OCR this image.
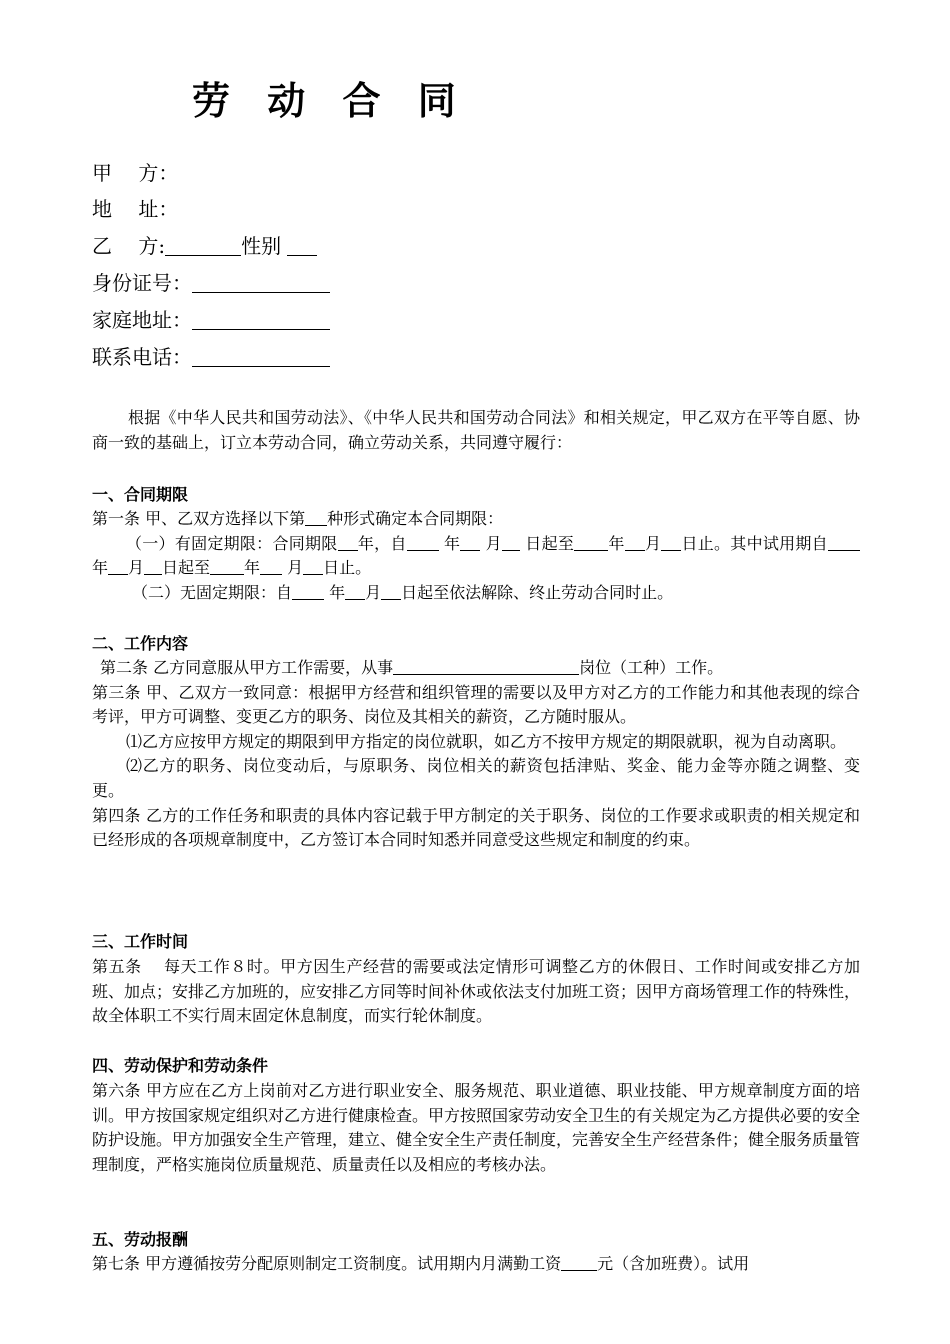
劳 动 合 同
甲　 方：
地　 址：
乙　 方:	性别
身份证号：
家庭地址：
联系电话：
根据《中华人民共和国劳动法》、《中华人民共和国劳动合同法》和相关规定，甲乙双方在平等自愿、协商一致的基础上，订立本劳动合同，确立劳动关系，共同遵守履行：
一、合同期限

第一条 甲、乙双方选择以下第 种形式确定本合同期限：

（一）有固定期限：合同期限 年，自 年 月 日起至 年 月 日止。其中试用期自 年 月 日起至 年 月 日止。

（二）无固定期限：自 年 月 日起至依法解除、终止劳动合同时止。

二、工作内容

第二条 乙方同意服从甲方工作需要，从事	岗位（工种）工作。

第三条 甲、乙双方一致同意：根据甲方经营和组织管理的需要以及甲方对乙方的工作能力和其他表现的综合考评，甲方可调整、变更乙方的职务、岗位及其相关的薪资，乙方随时服从。

⑴乙方应按甲方规定的期限到甲方指定的岗位就职，如乙方不按甲方规定的期限就职，视为自动离职。

⑵乙方的职务、岗位变动后，与原职务、岗位相关的薪资包括津贴、奖金、能力金等亦随之调整、变更。

第四条 乙方的工作任务和职责的具体内容记载于甲方制定的关于职务、岗位的工作要求或职责的相关规定和已经形成的各项规章制度中，乙方签订本合同时知悉并同意受这些规定和制度的约束。

三、工作时间

第五条　 每天工作８时。甲方因生产经营的需要或法定情形可调整乙方的休假日、工作时间或安排乙方加班、加点；安排乙方加班的，应安排乙方同等时间补休或依法支付加班工资；因甲方商场管理工作的特殊性，故全体职工不实行周末固定休息制度，而实行轮休制度。

四、劳动保护和劳动条件

第六条 甲方应在乙方上岗前对乙方进行职业安全、服务规范、职业道德、职业技能、甲方规章制度方面的培训。甲方按国家规定组织对乙方进行健康检查。甲方按照国家劳动安全卫生的有关规定为乙方提供必要的安全防护设施。甲方加强安全生产管理，建立、健全安全生产责任制度，完善安全生产经营条件；健全服务质量管理制度，严格实施岗位质量规范、质量责任以及相应的考核办法。

五、劳动报酬

第七条 甲方遵循按劳分配原则制定工资制度。试用期内月满勤工资 元（含加班费）。试用
